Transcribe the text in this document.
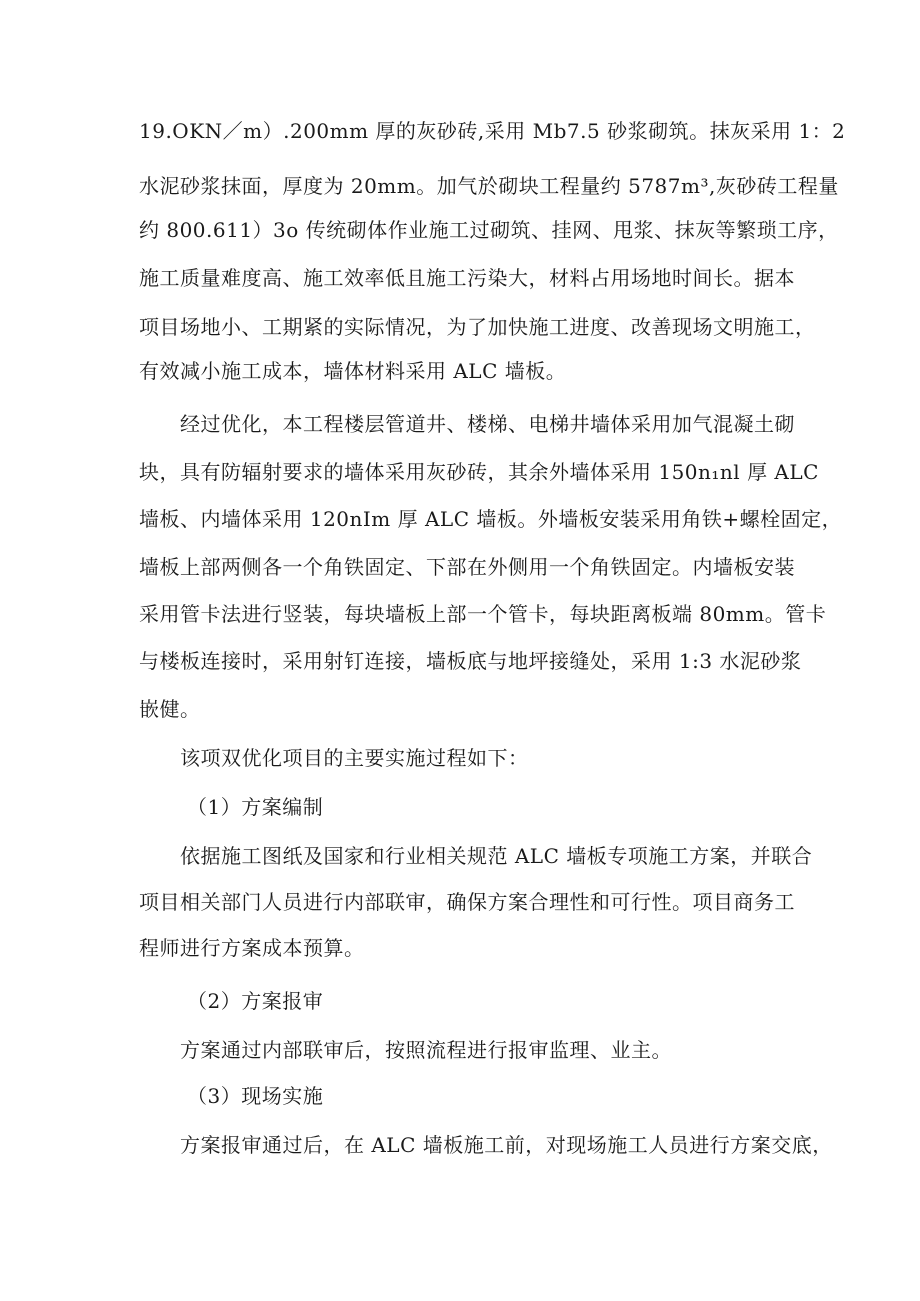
19.OKN／m）.200mm 厚的灰砂砖,采用 Mb7.5 砂浆砌筑。抹灰采用 1：2
水泥砂浆抹面，厚度为 20mm。加气於砌块工程量约 5787m³,灰砂砖工程量
约 800.611）3o 传统砌体作业施工过砌筑、挂网、甩浆、抹灰等繁琐工序，
施工质量难度高、施工效率低且施工污染大，材料占用场地时间长。据本
项目场地小、工期紧的实际情况，为了加快施工进度、改善现场文明施工，
有效减小施工成本，墙体材料采用 ALC 墙板。
经过优化，本工程楼层管道井、楼梯、电梯井墙体采用加气混凝土砌
块，具有防辐射要求的墙体采用灰砂砖，其余外墙体采用 150n₁nl 厚 ALC
墙板、内墙体采用 120nIm 厚 ALC 墙板。外墙板安装采用角铁+螺栓固定，
墙板上部两侧各一个角铁固定、下部在外侧用一个角铁固定。内墙板安装
采用管卡法进行竖装，每块墙板上部一个管卡，每块距离板端 80mm。管卡
与楼板连接时，采用射钉连接，墙板底与地坪接缝处，采用 1:3 水泥砂浆
嵌健。
该项双优化项目的主要实施过程如下：
（1）方案编制
依据施工图纸及国家和行业相关规范 ALC 墙板专项施工方案，并联合
项目相关部门人员进行内部联审，确保方案合理性和可行性。项目商务工
程师进行方案成本预算。
（2）方案报审
方案通过内部联审后，按照流程进行报审监理、业主。
（3）现场实施
方案报审通过后，在 ALC 墙板施工前，对现场施工人员进行方案交底，
